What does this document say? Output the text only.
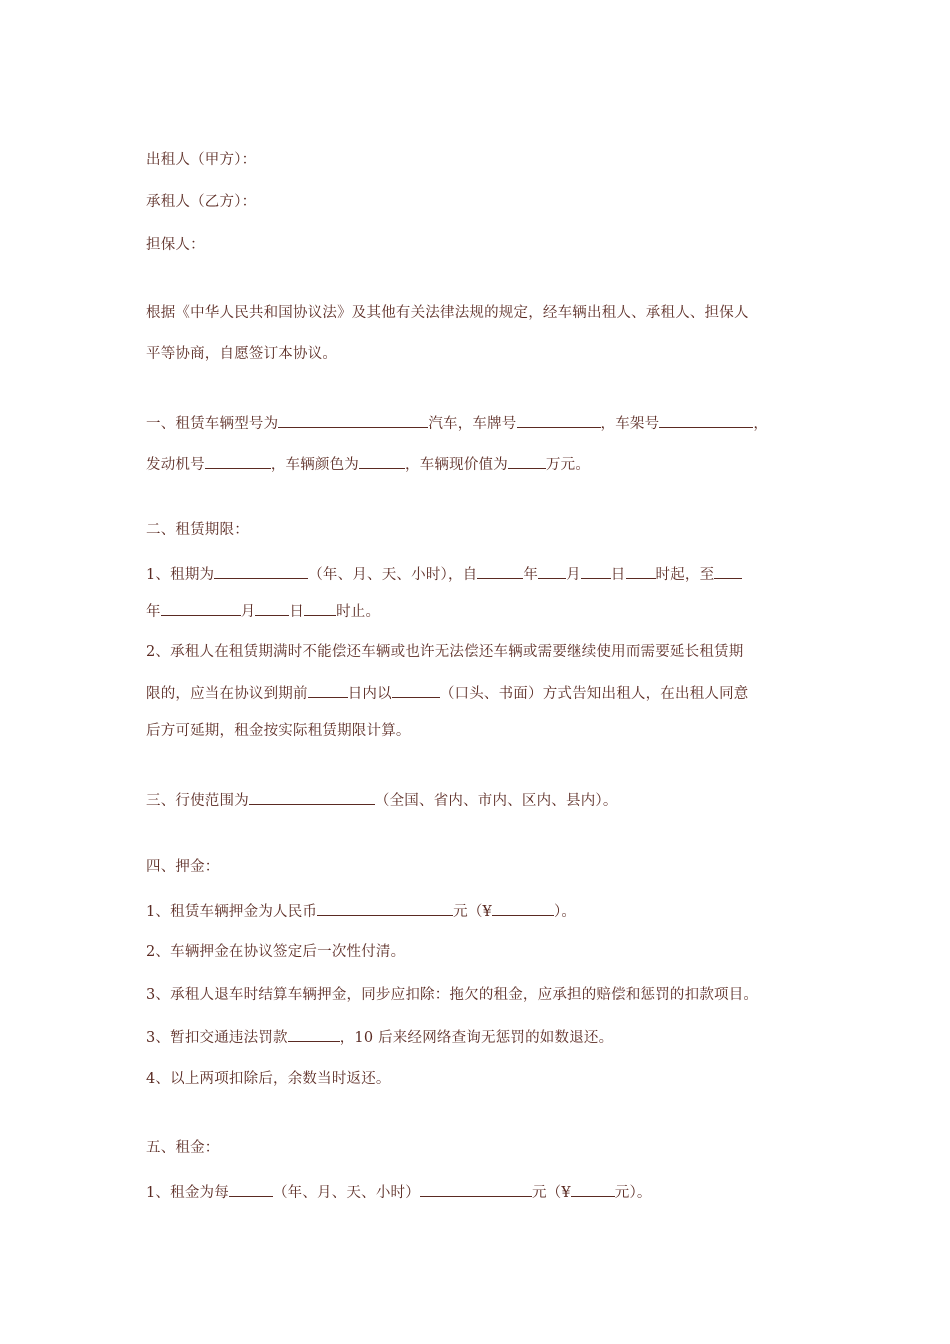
出租人（甲方）：
承租人（乙方）：
担保人：
根据《中华人民共和国协议法》及其他有关法律法规的规定，经车辆出租人、承租人、担保人
平等协商，自愿签订本协议。
一、租赁车辆型号为	汽车，车牌号	，车架号	，
发动机号	，车辆颜色为	，车辆现价值为	万元。
二、租赁期限：
1、租期为	（年、月、天、小时），自	年 月 日 时起，至
年	月 日 时止。
2、承租人在租赁期满时不能偿还车辆或也许无法偿还车辆或需要继续使用而需要延长租赁期
限的，应当在协议到期前	日内以	（口头、书面）方式告知出租人，在出租人同意
后方可延期，租金按实际租赁期限计算。
三、行使范围为	（全国、省内、市内、区内、县内）。
四、押金：
1、租赁车辆押金为人民币	元（¥	）。
2、车辆押金在协议签定后一次性付清。
3、承租人退车时结算车辆押金，同步应扣除：拖欠的租金，应承担的赔偿和惩罚的扣款项目。
3、暂扣交通违法罚款	，10 后来经网络查询无惩罚的如数退还。
4、以上两项扣除后，余数当时返还。
五、租金：
1、租金为每	（年、月、天、小时）	元（¥	元）。
